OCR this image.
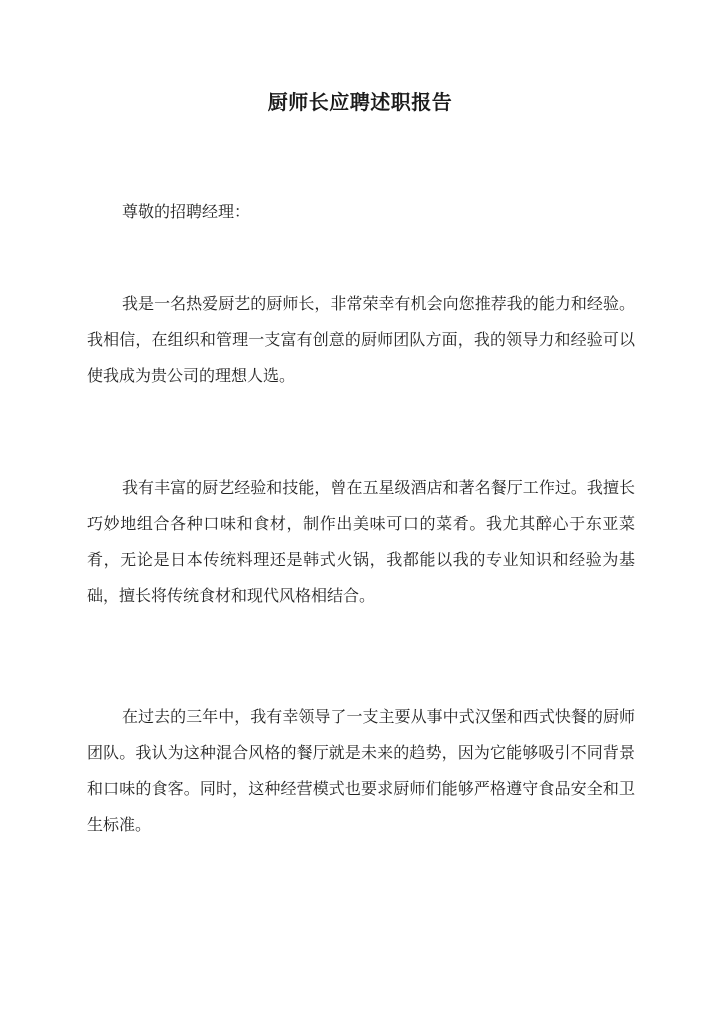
厨师长应聘述职报告
尊敬的招聘经理：

我是一名热爱厨艺的厨师长，非常荣幸有机会向您推荐我的能力和经验。我相信，在组织和管理一支富有创意的厨师团队方面，我的领导力和经验可以使我成为贵公司的理想人选。

我有丰富的厨艺经验和技能，曾在五星级酒店和著名餐厅工作过。我擅长巧妙地组合各种口味和食材，制作出美味可口的菜肴。我尤其醉心于东亚菜肴，无论是日本传统料理还是韩式火锅，我都能以我的专业知识和经验为基础，擅长将传统食材和现代风格相结合。

在过去的三年中，我有幸领导了一支主要从事中式汉堡和西式快餐的厨师团队。我认为这种混合风格的餐厅就是未来的趋势，因为它能够吸引不同背景和口味的食客。同时，这种经营模式也要求厨师们能够严格遵守食品安全和卫生标准。
